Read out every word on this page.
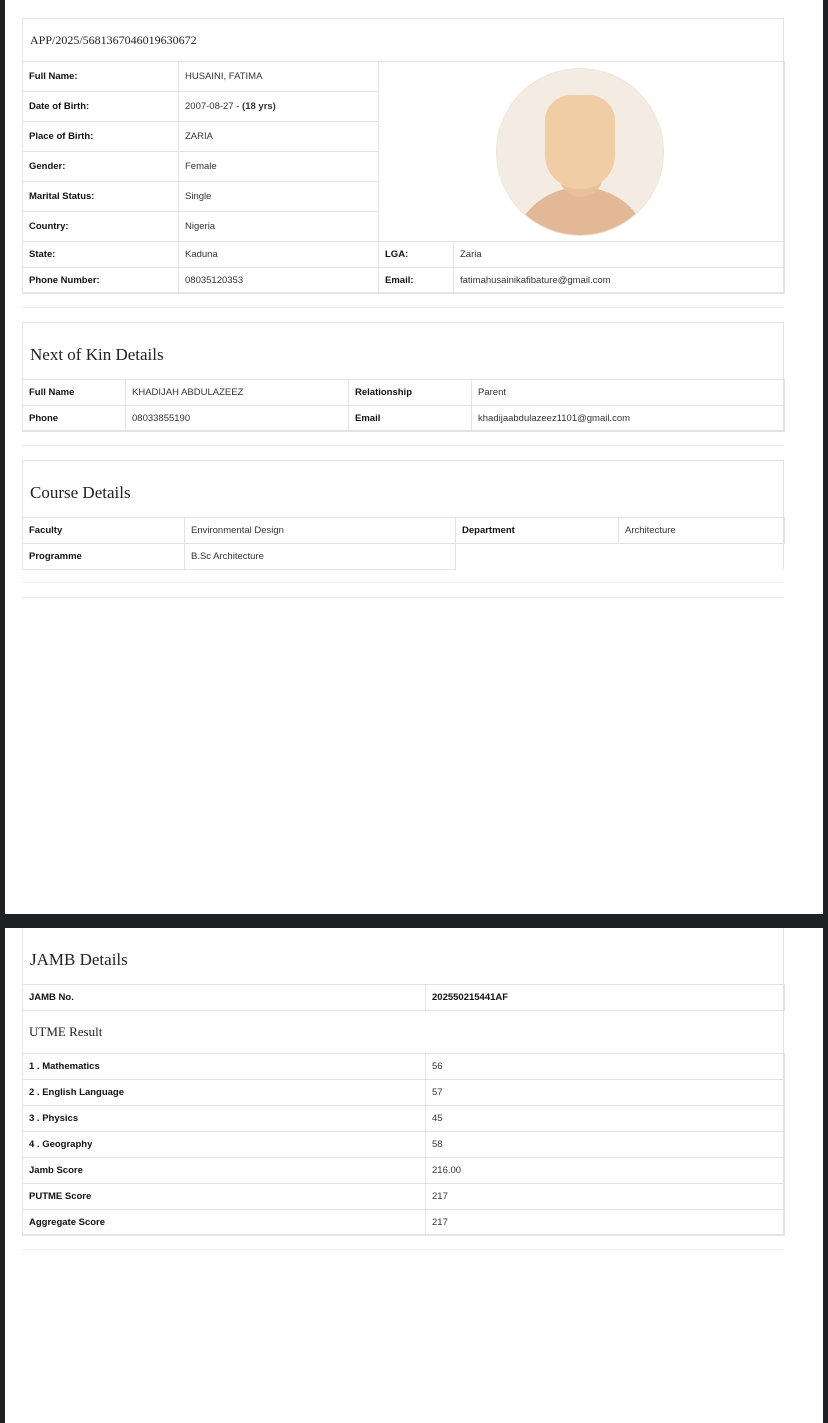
APP/2025/5681367046019630672
Full Name:	HUSAINI, FATIMA		

Date of Birth:	2007-08-27 - (18 yrs)		
Place of Birth:	ZARIA		
Gender:	Female		
Marital Status:	Single		
Country:	Nigeria		
State:	Kaduna	LGA:	Zaria
Phone Number:	08035120353	Email:	fatimahusainikafibature@gmail.com
Next of Kin Details
Full Name	KHADIJAH ABDULAZEEZ	Relationship	Parent
Phone	08033855190	Email	khadijaabdulazeez1101@gmail.com
Course Details
Faculty	Environmental Design	Department	Architecture
Programme	B.Sc Architecture		
JAMB Details
JAMB No.	202550215441AF
UTME Result
1 . Mathematics	56
2 . English Language	57
3 . Physics	45
4 . Geography	58
Jamb Score	216.00
PUTME Score	217
Aggregate Score	217
